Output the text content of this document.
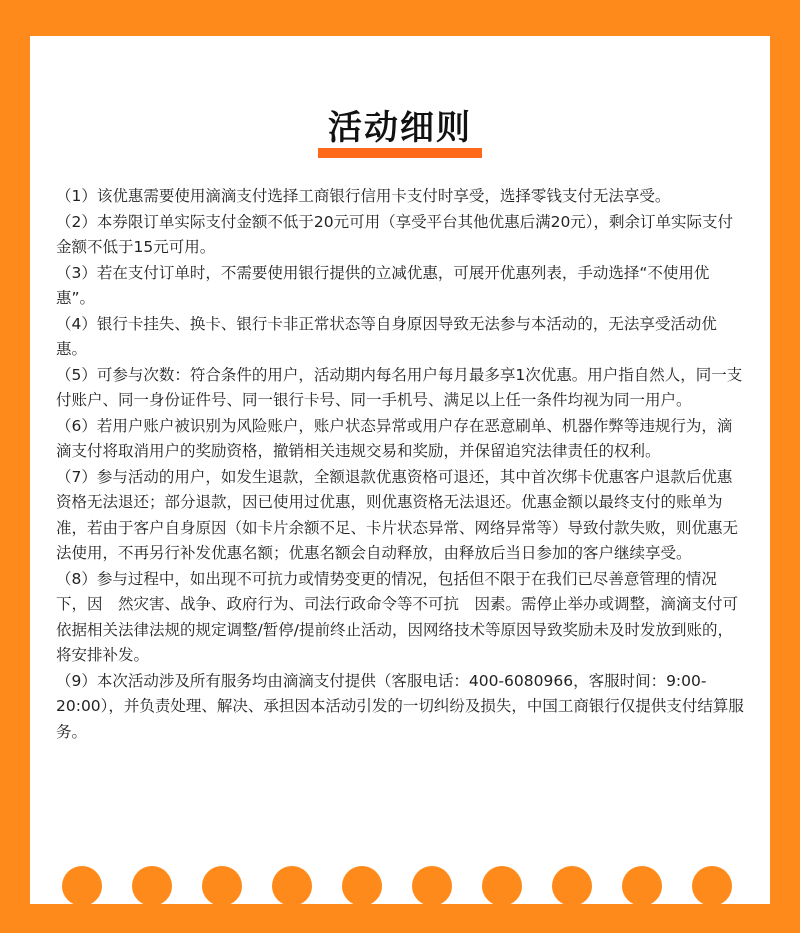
活动细则

（1）该优惠需要使用滴滴支付选择工商银行信用卡支付时享受，选择零钱支付无法享受。

（2）本券限订单实际支付金额不低于20元可用（享受平台其他优惠后满20元），剩余订单实际支付金额不低于15元可用。

（3）若在支付订单时，不需要使用银行提供的立减优惠，可展开优惠列表，手动选择“不使用优惠”。

（4）银行卡挂失、换卡、银行卡非正常状态等自身原因导致无法参与本活动的，无法享受活动优惠。

（5）可参与次数：符合条件的用户，活动期内每名用户每月最多享1次优惠。用户指自然人，同一支付账户、同一身份证件号、同一银行卡号、同一手机号、满足以上任一条件均视为同一用户。

（6）若用户账户被识别为风险账户，账户状态异常或用户存在恶意刷单、机器作弊等违规行为，滴滴支付将取消用户的奖励资格，撤销相关违规交易和奖励，并保留追究法律责任的权利。

（7）参与活动的用户，如发生退款，全额退款优惠资格可退还，其中首次绑卡优惠客户退款后优惠资格无法退还；部分退款，因已使用过优惠，则优惠资格无法退还。优惠金额以最终支付的账单为准，若由于客户自身原因（如卡片余额不足、卡片状态异常、网络异常等）导致付款失败，则优惠无法使用，不再另行补发优惠名额；优惠名额会自动释放，由释放后当日参加的客户继续享受。

（8）参与过程中，如出现不可抗力或情势变更的情况，包括但不限于在我们已尽善意管理的情况下，因　然灾害、战争、政府行为、司法行政命令等不可抗　因素。需停止举办或调整，滴滴支付可依据相关法律法规的规定调整/暂停/提前终止活动，因网络技术等原因导致奖励未及时发放到账的，将安排补发。

（9）本次活动涉及所有服务均由滴滴支付提供（客服电话：400-6080966，客服时间：9:00-20:00），并负责处理、解决、承担因本活动引发的一切纠纷及损失，中国工商银行仅提供支付结算服务。
